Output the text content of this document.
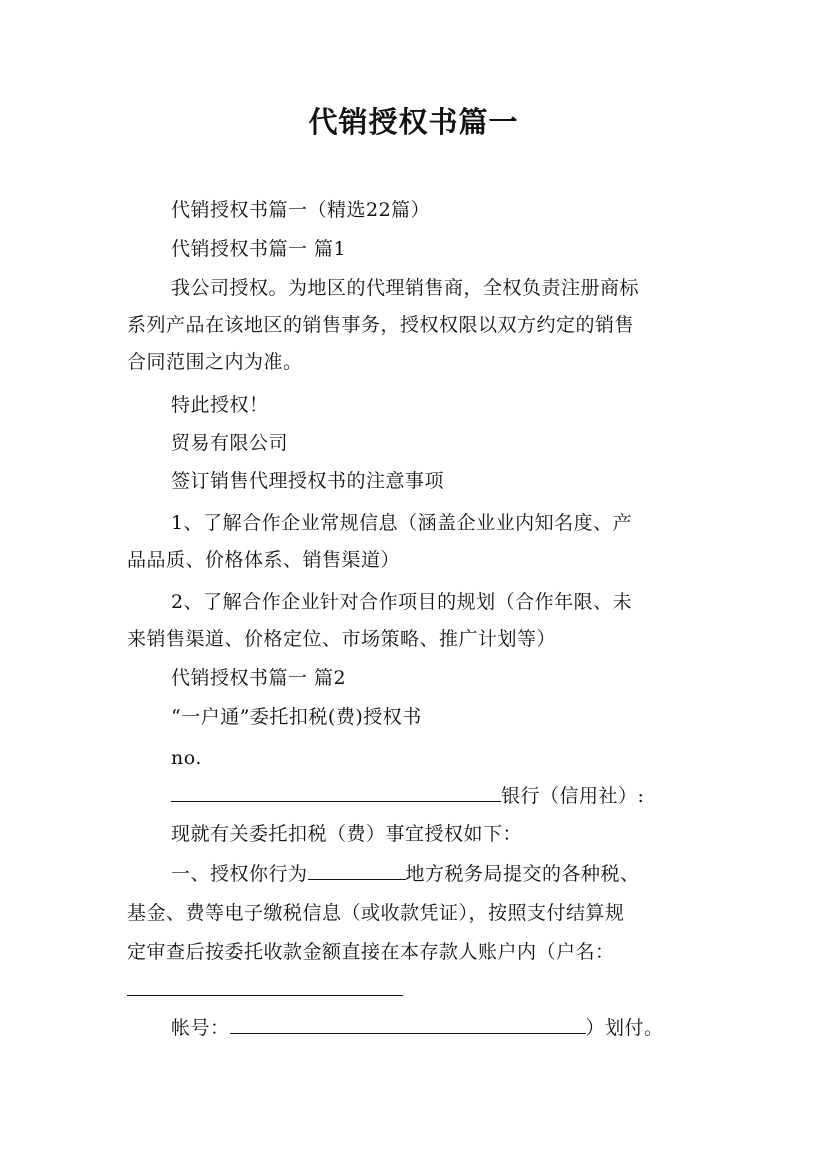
代销授权书篇一
代销授权书篇一（精选22篇）
代销授权书篇一 篇1
我公司授权。为地区的代理销售商，全权负责注册商标
系列产品在该地区的销售事务，授权权限以双方约定的销售
合同范围之内为准。
特此授权！
贸易有限公司
签订销售代理授权书的注意事项
1、了解合作企业常规信息（涵盖企业业内知名度、产
品品质、价格体系、销售渠道）
2、了解合作企业针对合作项目的规划（合作年限、未
来销售渠道、价格定位、市场策略、推广计划等）
代销授权书篇一 篇2
“一户通”委托扣税(费)授权书
no.
银行（信用社）:
现就有关委托扣税（费）事宜授权如下：
一、授权你行为	地方税务局提交的各种税、
基金、费等电子缴税信息（或收款凭证），按照支付结算规
定审查后按委托收款金额直接在本存款人账户内（户名：
帐号：	）划付。
